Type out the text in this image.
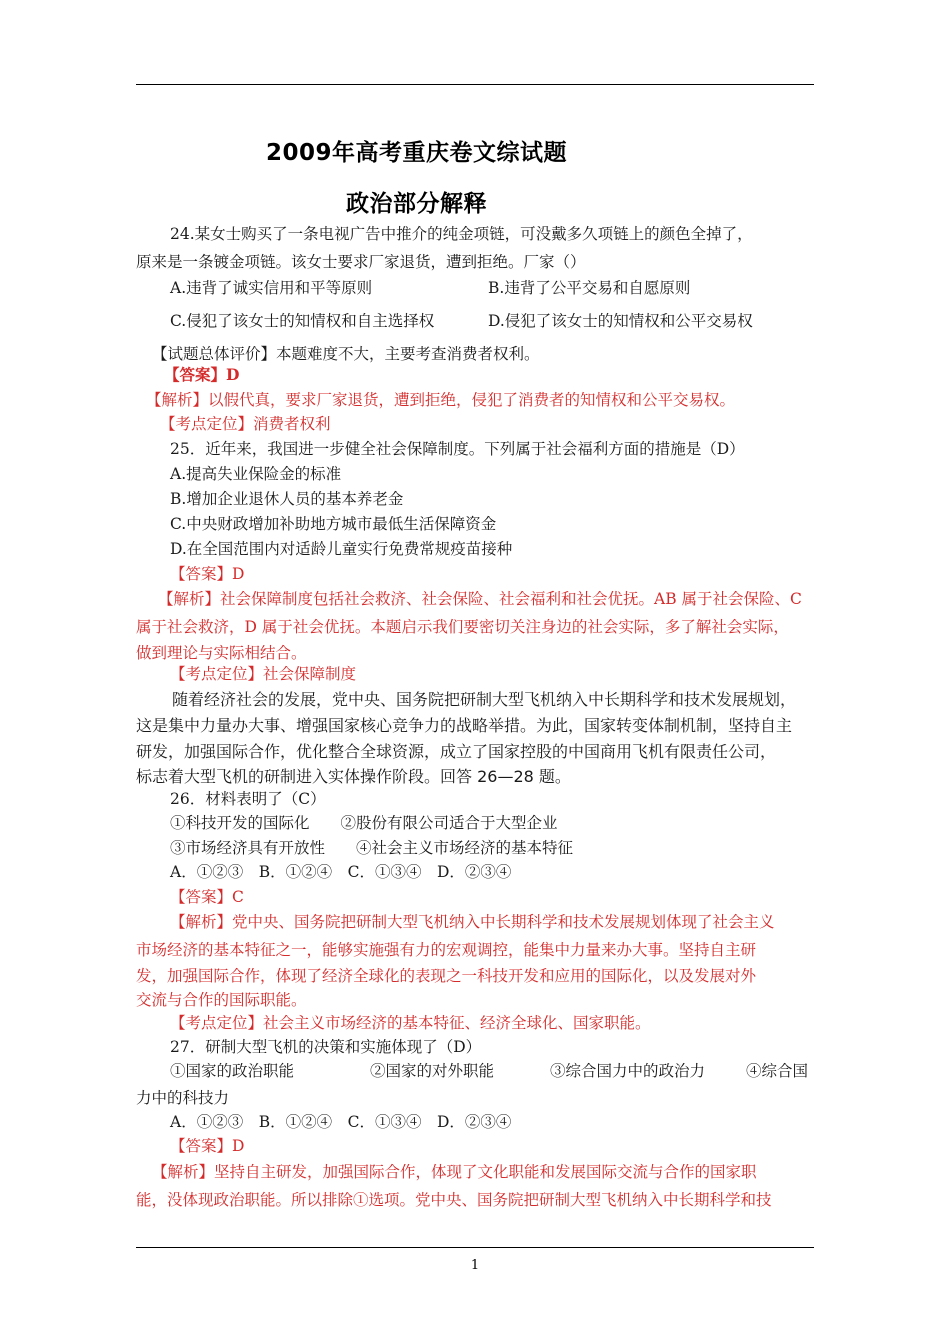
2009年高考重庆卷文综试题
政治部分解释
24.某女士购买了一条电视广告中推介的纯金项链，可没戴多久项链上的颜色全掉了，
原来是一条镀金项链。该女士要求厂家退货，遭到拒绝。厂家（）
A.违背了诚实信用和平等原则	B.违背了公平交易和自愿原则
C.侵犯了该女士的知情权和自主选择权	D.侵犯了该女士的知情权和公平交易权
【试题总体评价】本题难度不大，主要考查消费者权利。
【答案】D
【解析】以假代真，要求厂家退货，遭到拒绝，侵犯了消费者的知情权和公平交易权。
【考点定位】消费者权利
25．近年来，我国进一步健全社会保障制度。下列属于社会福利方面的措施是（D）
A.提高失业保险金的标准
B.增加企业退休人员的基本养老金
C.中央财政增加补助地方城市最低生活保障资金
D.在全国范围内对适龄儿童实行免费常规疫苗接种
【答案】D
【解析】社会保障制度包括社会救济、社会保险、社会福利和社会优抚。AB 属于社会保险、C
属于社会救济，D 属于社会优抚。本题启示我们要密切关注身边的社会实际，多了解社会实际，
做到理论与实际相结合。
【考点定位】社会保障制度
随着经济社会的发展，党中央、国务院把研制大型飞机纳入中长期科学和技术发展规划，
这是集中力量办大事、增强国家核心竞争力的战略举措。为此，国家转变体制机制，坚持自主
研发，加强国际合作，优化整合全球资源，成立了国家控股的中国商用飞机有限责任公司，
标志着大型飞机的研制进入实体操作阶段。回答 26—28 题。
26．材料表明了（C）
①科技开发的国际化　　②股份有限公司适合于大型企业
③市场经济具有开放性　　④社会主义市场经济的基本特征
A．①②③　B．①②④　C．①③④　D．②③④
【答案】C
【解析】党中央、国务院把研制大型飞机纳入中长期科学和技术发展规划体现了社会主义
市场经济的基本特征之一，能够实施强有力的宏观调控，能集中力量来办大事。坚持自主研
发，加强国际合作，体现了经济全球化的表现之一科技开发和应用的国际化，以及发展对外
交流与合作的国际职能。
【考点定位】社会主义市场经济的基本特征、经济全球化、国家职能。
27．研制大型飞机的决策和实施体现了（D）
①国家的政治职能	②国家的对外职能	③综合国力中的政治力	④综合国
力中的科技力
A．①②③　B．①②④　C．①③④　D．②③④
【答案】D
【解析】坚持自主研发，加强国际合作，体现了文化职能和发展国际交流与合作的国家职
能，没体现政治职能。所以排除①选项。党中央、国务院把研制大型飞机纳入中长期科学和技
1
